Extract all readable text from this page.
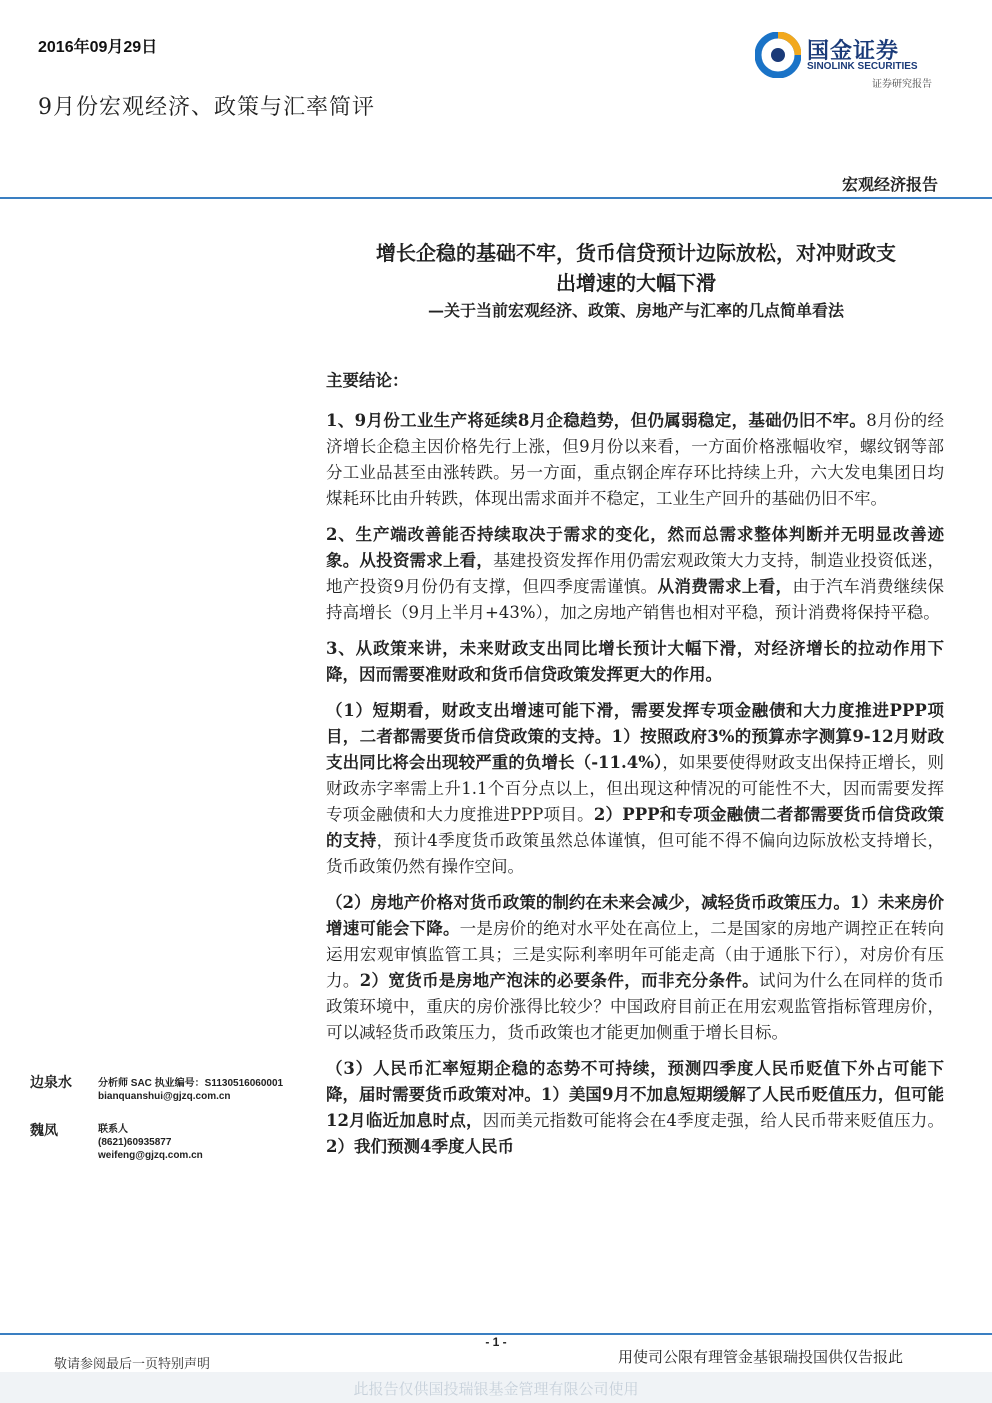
2016年09月29日
9月份宏观经济、政策与汇率简评
国金证券
SINOLINK SECURITIES
证券研究报告
宏观经济报告
增长企稳的基础不牢，货币信贷预计边际放松，对冲财政支
出增速的大幅下滑
—关于当前宏观经济、政策、房地产与汇率的几点简单看法

主要结论：

1、9月份工业生产将延续8月企稳趋势，但仍属弱稳定，基础仍旧不牢。8月份的经济增长企稳主因价格先行上涨，但9月份以来看，一方面价格涨幅收窄，螺纹钢等部分工业品甚至由涨转跌。另一方面，重点钢企库存环比持续上升，六大发电集团日均煤耗环比由升转跌，体现出需求面并不稳定，工业生产回升的基础仍旧不牢。

2、生产端改善能否持续取决于需求的变化，然而总需求整体判断并无明显改善迹象。从投资需求上看，基建投资发挥作用仍需宏观政策大力支持，制造业投资低迷，地产投资9月份仍有支撑，但四季度需谨慎。从消费需求上看，由于汽车消费继续保持高增长（9月上半月+43%），加之房地产销售也相对平稳，预计消费将保持平稳。

3、从政策来讲，未来财政支出同比增长预计大幅下滑，对经济增长的拉动作用下降，因而需要准财政和货币信贷政策发挥更大的作用。

（1）短期看，财政支出增速可能下滑，需要发挥专项金融债和大力度推进PPP项目，二者都需要货币信贷政策的支持。1）按照政府3%的预算赤字测算9-12月财政支出同比将会出现较严重的负增长（-11.4%），如果要使得财政支出保持正增长，则财政赤字率需上升1.1个百分点以上，但出现这种情况的可能性不大，因而需要发挥专项金融债和大力度推进PPP项目。2）PPP和专项金融债二者都需要货币信贷政策的支持，预计4季度货币政策虽然总体谨慎，但可能不得不偏向边际放松支持增长，货币政策仍然有操作空间。

（2）房地产价格对货币政策的制约在未来会减少，减轻货币政策压力。1）未来房价增速可能会下降。一是房价的绝对水平处在高位上，二是国家的房地产调控正在转向运用宏观审慎监管工具；三是实际利率明年可能走高（由于通胀下行），对房价有压力。2）宽货币是房地产泡沫的必要条件，而非充分条件。试问为什么在同样的货币政策环境中，重庆的房价涨得比较少？中国政府目前正在用宏观监管指标管理房价，可以减轻货币政策压力，货币政策也才能更加侧重于增长目标。

（3）人民币汇率短期企稳的态势不可持续，预测四季度人民币贬值下外占可能下降，届时需要货币政策对冲。1）美国9月不加息短期缓解了人民币贬值压力，但可能12月临近加息时点，因而美元指数可能将会在4季度走强，给人民币带来贬值压力。2）我们预测4季度人民币

边泉水	分析师 SAC 执业编号：S1130516060001
bianquanshui@gjzq.com.cn
魏凤	联系人
(8621)60935877
weifeng@gjzq.com.cn
- 1 -
敬请参阅最后一页特别声明	用使司公限有理管金基银瑞投国供仅告报此
此报告仅供国投瑞银基金管理有限公司使用
